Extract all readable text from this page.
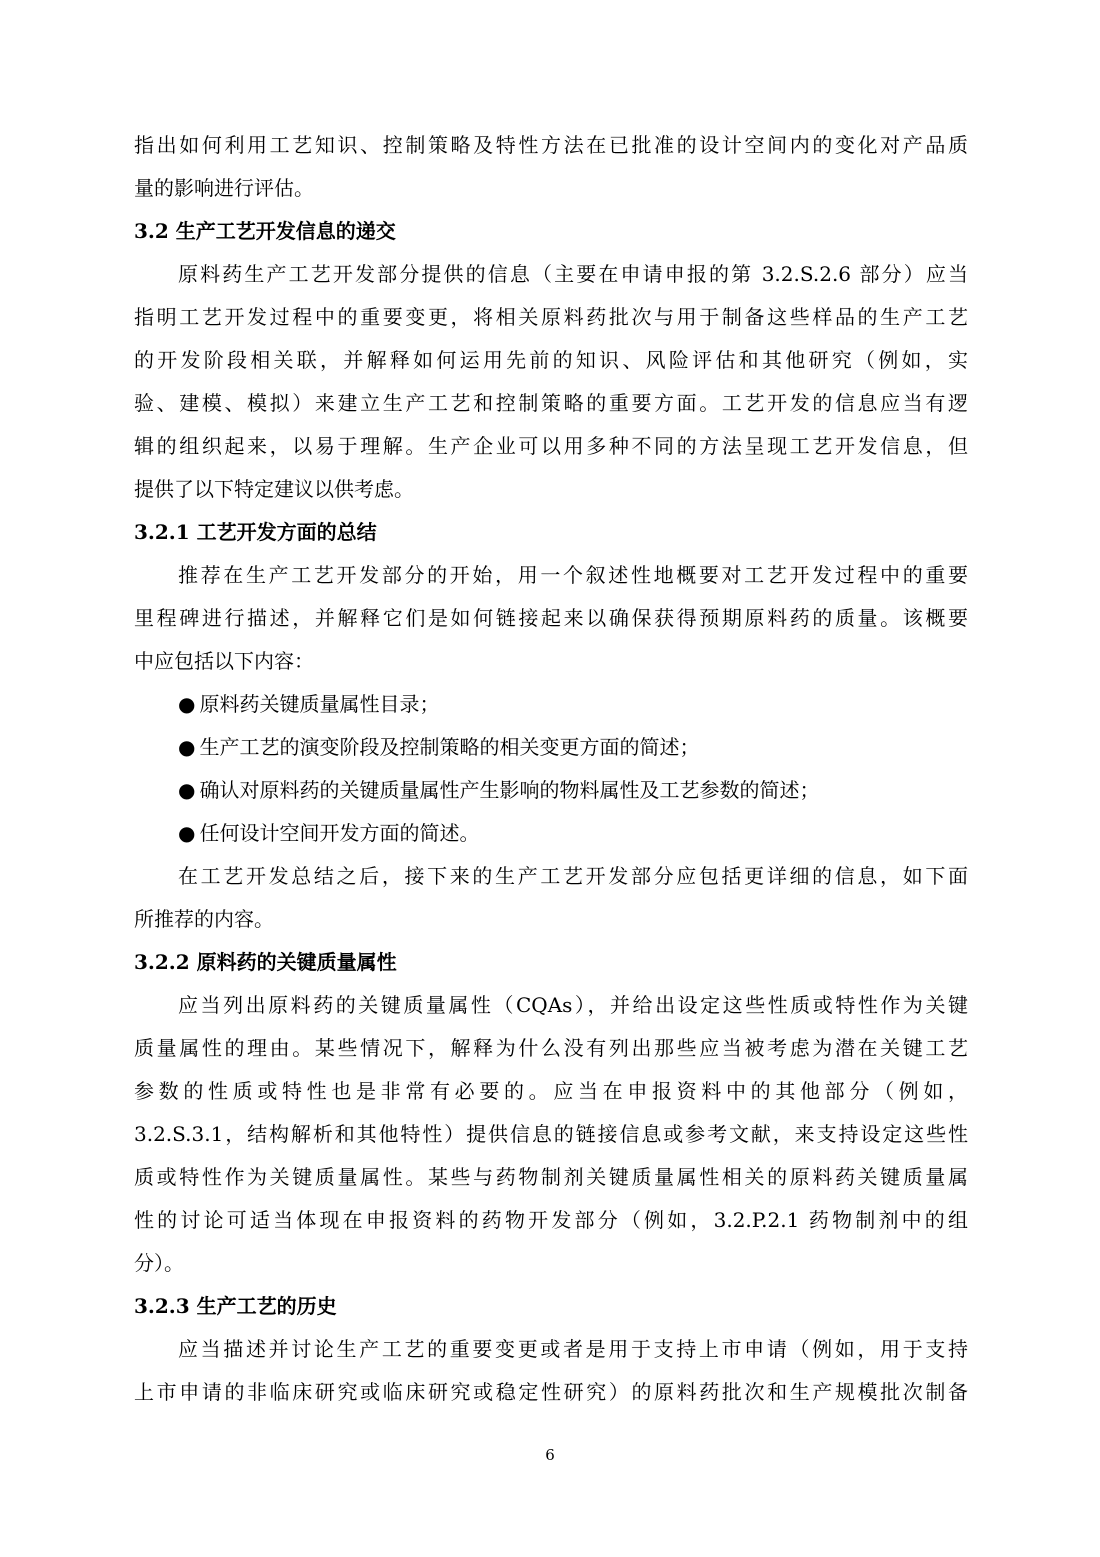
指出如何利用工艺知识、控制策略及特性方法在已批准的设计空间内的变化对产品质

量的影响进行评估。

3.2 生产工艺开发信息的递交

原料药生产工艺开发部分提供的信息（主要在申请申报的第 3.2.S.2.6 部分）应当

指明工艺开发过程中的重要变更，将相关原料药批次与用于制备这些样品的生产工艺

的开发阶段相关联，并解释如何运用先前的知识、风险评估和其他研究（例如，实

验、建模、模拟）来建立生产工艺和控制策略的重要方面。工艺开发的信息应当有逻

辑的组织起来，以易于理解。生产企业可以用多种不同的方法呈现工艺开发信息，但

提供了以下特定建议以供考虑。

3.2.1 工艺开发方面的总结

推荐在生产工艺开发部分的开始，用一个叙述性地概要对工艺开发过程中的重要

里程碑进行描述，并解释它们是如何链接起来以确保获得预期原料药的质量。该概要

中应包括以下内容：

● 原料药关键质量属性目录；

● 生产工艺的演变阶段及控制策略的相关变更方面的简述；

● 确认对原料药的关键质量属性产生影响的物料属性及工艺参数的简述；

● 任何设计空间开发方面的简述。

在工艺开发总结之后，接下来的生产工艺开发部分应包括更详细的信息，如下面

所推荐的内容。

3.2.2 原料药的关键质量属性

应当列出原料药的关键质量属性（CQAs），并给出设定这些性质或特性作为关键

质量属性的理由。某些情况下，解释为什么没有列出那些应当被考虑为潜在关键工艺

参数的性质或特性也是非常有必要的。应当在申报资料中的其他部分（例如，

3.2.S.3.1，结构解析和其他特性）提供信息的链接信息或参考文献，来支持设定这些性

质或特性作为关键质量属性。某些与药物制剂关键质量属性相关的原料药关键质量属

性的讨论可适当体现在申报资料的药物开发部分（例如，3.2.P.2.1 药物制剂中的组

分）。

3.2.3 生产工艺的历史

应当描述并讨论生产工艺的重要变更或者是用于支持上市申请（例如，用于支持

上市申请的非临床研究或临床研究或稳定性研究）的原料药批次和生产规模批次制备

6
